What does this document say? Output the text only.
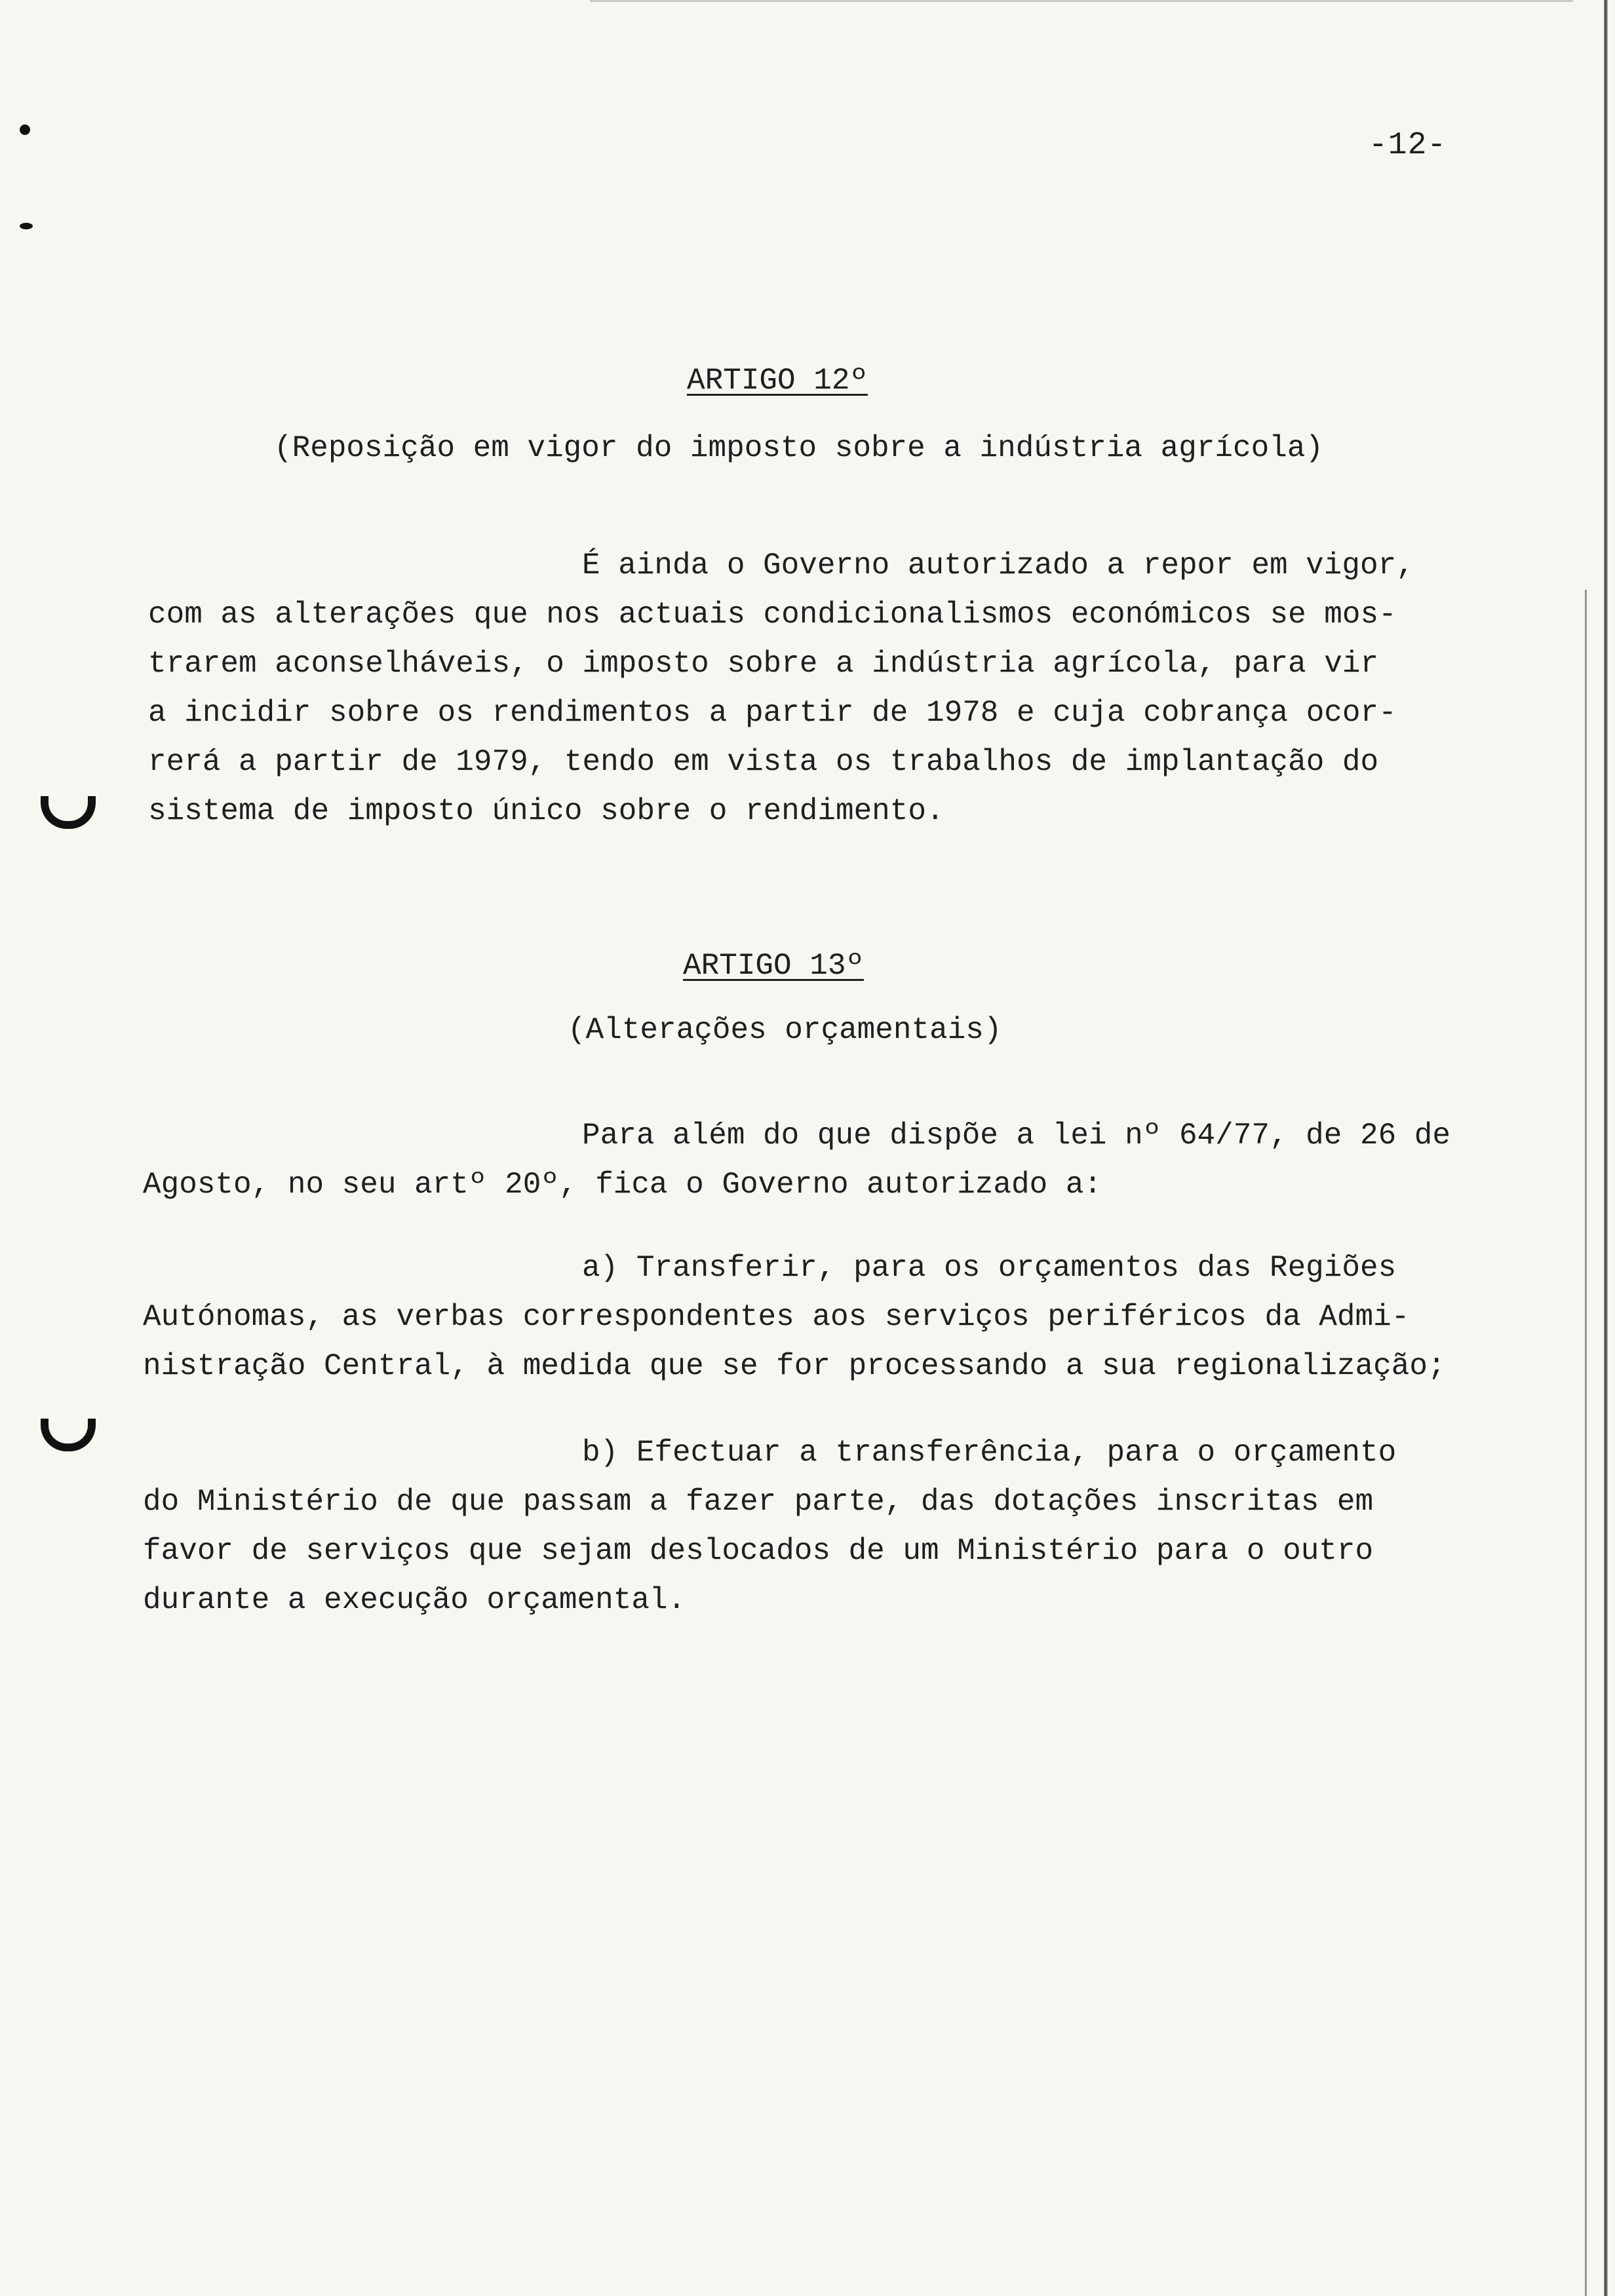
-12-
ARTIGO 12º
(Reposição em vigor do imposto sobre a indústria agrícola)

É ainda o Governo autorizado a repor em vigor,

com as alterações que nos actuais condicionalismos económicos se mos-

trarem aconselháveis, o imposto sobre a indústria agrícola, para vir

a incidir sobre os rendimentos a partir de 1978 e cuja cobrança ocor-

rerá a partir de 1979, tendo em vista os trabalhos de implantação do

sistema de imposto único sobre o rendimento.

ARTIGO 13º
(Alterações orçamentais)

Para além do que dispõe a lei nº 64/77, de 26 de

Agosto, no seu artº 20º, fica o Governo autorizado a:

a) Transferir, para os orçamentos das Regiões

Autónomas, as verbas correspondentes aos serviços periféricos da Admi-

nistração Central, à medida que se for processando a sua regionalização;

b) Efectuar a transferência, para o orçamento

do Ministério de que passam a fazer parte, das dotações inscritas em

favor de serviços que sejam deslocados de um Ministério para o outro

durante a execução orçamental.
